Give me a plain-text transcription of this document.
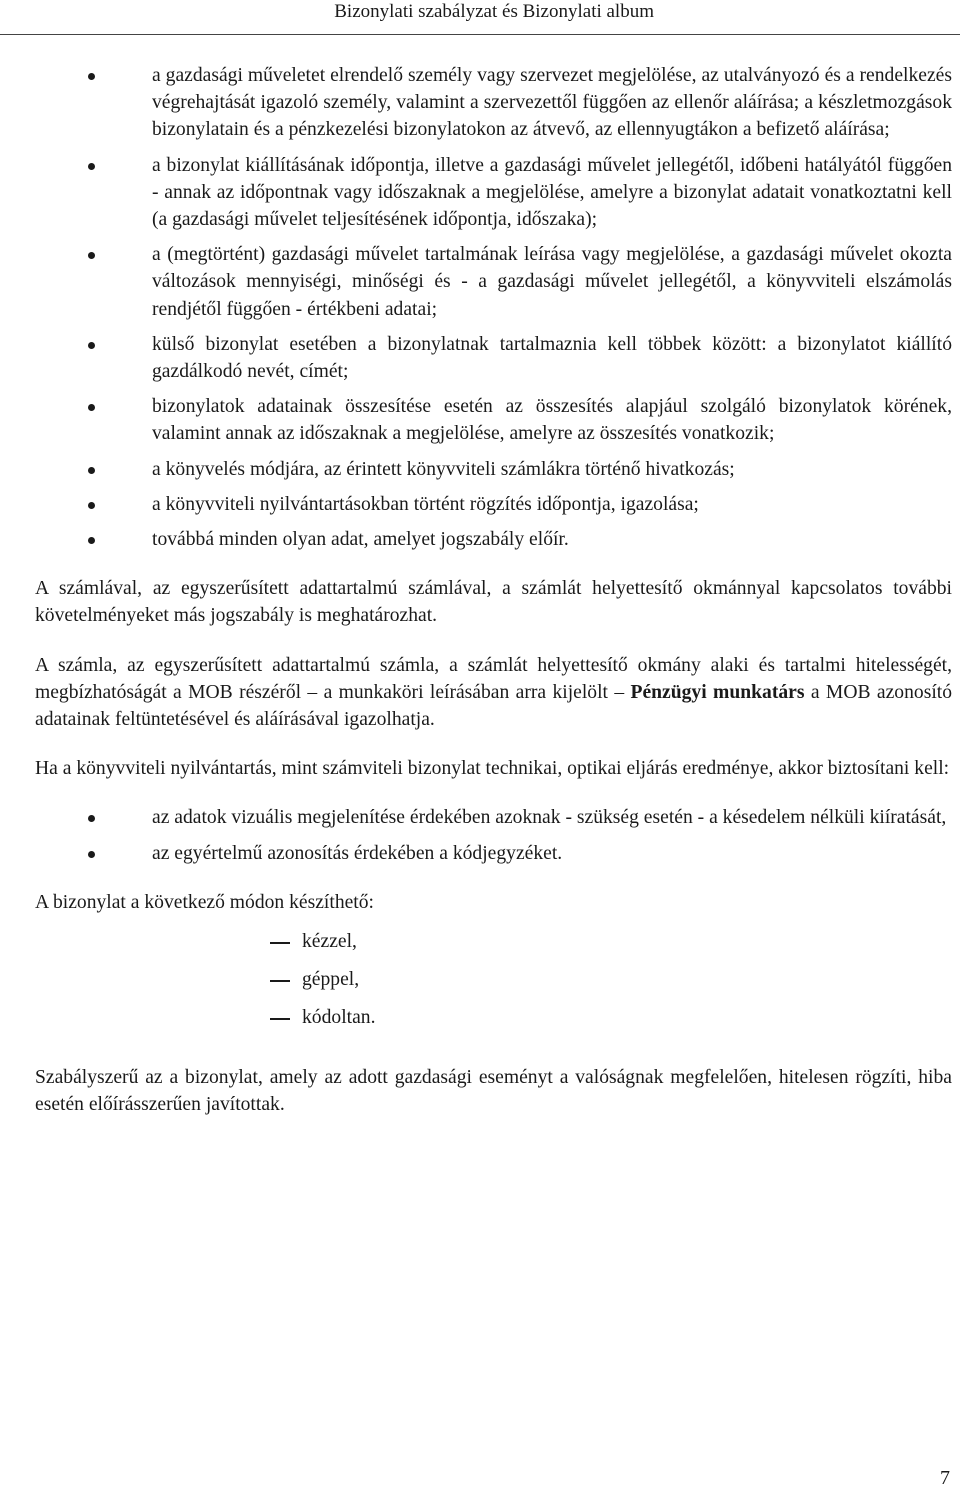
Bizonylati szabályzat és Bizonylati album
a gazdasági műveletet elrendelő személy vagy szervezet megjelölése, az utalványozó és a rendelkezés végrehajtását igazoló személy, valamint a szervezettől függően az ellenőr aláírása; a készletmozgások bizonylatain és a pénzkezelési bizonylatokon az átvevő, az ellennyugtákon a befizető aláírása;
a bizonylat kiállításának időpontja, illetve a gazdasági művelet jellegétől, időbeni hatályától függően - annak az időpontnak vagy időszaknak a megjelölése, amelyre a bizonylat adatait vonatkoztatni kell (a gazdasági művelet teljesítésének időpontja, időszaka);
a (megtörtént) gazdasági művelet tartalmának leírása vagy megjelölése, a gazdasági művelet okozta változások mennyiségi, minőségi és - a gazdasági művelet jellegétől, a könyvviteli elszámolás rendjétől függően - értékbeni adatai;
külső bizonylat esetében a bizonylatnak tartalmaznia kell többek között: a bizonylatot kiállító gazdálkodó nevét, címét;
bizonylatok adatainak összesítése esetén az összesítés alapjául szolgáló bizonylatok körének, valamint annak az időszaknak a megjelölése, amelyre az összesítés vonatkozik;
a könyvelés módjára, az érintett könyvviteli számlákra történő hivatkozás;
a könyvviteli nyilvántartásokban történt rögzítés időpontja, igazolása;
továbbá minden olyan adat, amelyet jogszabály előír.

A számlával, az egyszerűsített adattartalmú számlával, a számlát helyettesítő okmánnyal kapcsolatos további követelményeket más jogszabály is meghatározhat.

A számla, az egyszerűsített adattartalmú számla, a számlát helyettesítő okmány alaki és tartalmi hitelességét, megbízhatóságát a MOB részéről – a munkaköri leírásában arra kijelölt – Pénzügyi munkatárs a MOB azonosító adatainak feltüntetésével és aláírásával igazolhatja.

Ha a könyvviteli nyilvántartás, mint számviteli bizonylat technikai, optikai eljárás eredménye, akkor biztosítani kell:

az adatok vizuális megjelenítése érdekében azoknak - szükség esetén - a késedelem nélküli kiíratását,
az egyértelmű azonosítás érdekében a kódjegyzéket.

A bizonylat a következő módon készíthető:

kézzel,
géppel,
kódoltan.

Szabályszerű az a bizonylat, amely az adott gazdasági eseményt a valóságnak megfelelően, hitelesen rögzíti, hiba esetén előírásszerűen javítottak.

7
